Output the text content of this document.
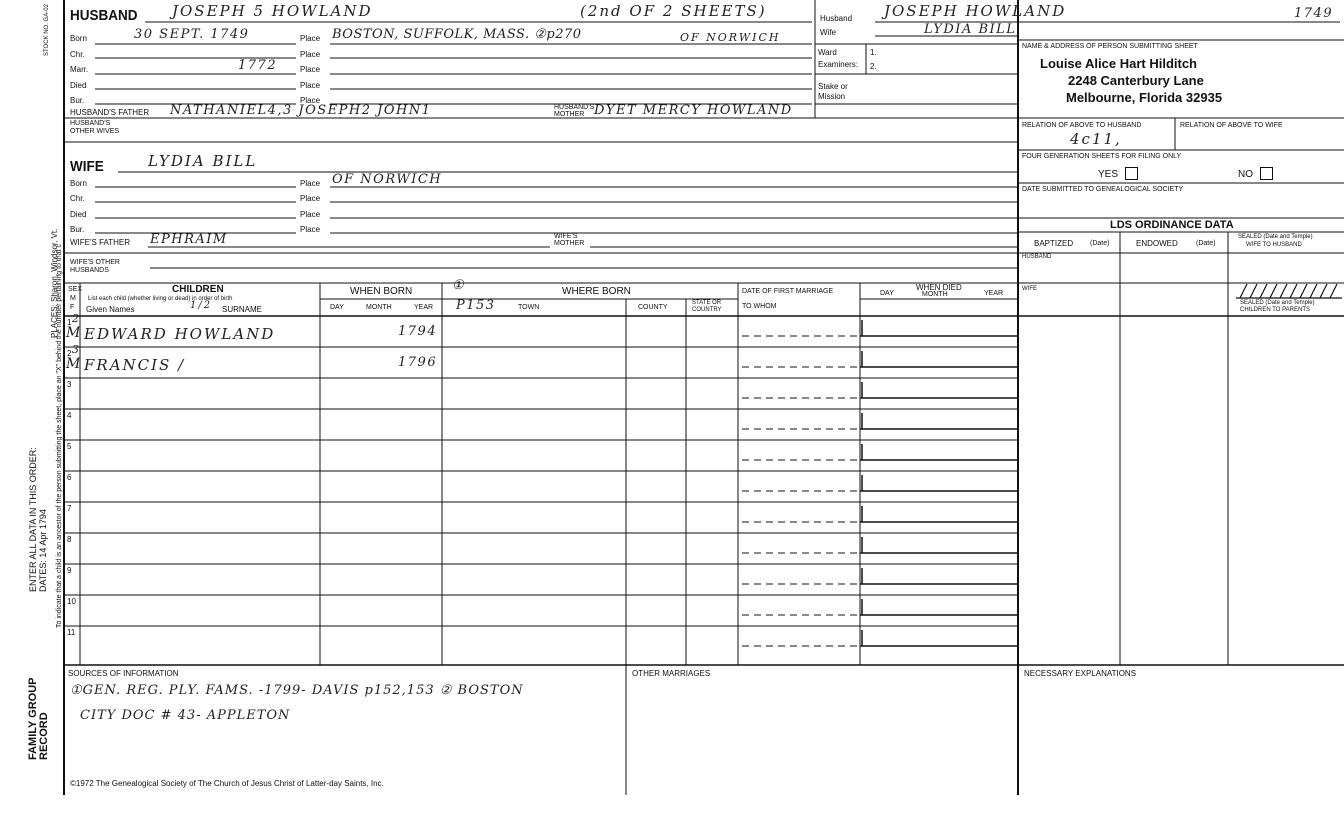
STOCK NO. GA-02
PLACES: Sharon, Windsor, Vt.
To indicate that a child is an ancestor of the person submitting the sheet, place an "X" behind the number pertaining to that c
ENTER ALL DATA IN THIS ORDER: DATES: 14 Apr 1794
FAMILY GROUP RECORD
HUSBAND JOSEPH 5 HOWLAND	(2nd OF 2 SHEETS)
Born	30 SEPT. 1749	Place BOSTON, SUFFOLK, MASS. ②p270	OF NORWICH
Chr.	Place
Marr.	1772	Place
Died	Place
Bur.	Place
HUSBAND'S FATHER NATHANIEL4,3 JOSEPH2 JOHN1	HUSBAND'S
MOTHER DYET MERCY HOWLAND
HUSBAND'S
OTHER WIVES
Husband JOSEPH HOWLAND	1749
Wife	LYDIA BILL
Ward
Examiners:
1.
2.
Stake or
Mission
NAME & ADDRESS OF PERSON SUBMITTING SHEET
Louise Alice Hart Hilditch
2248 Canterbury Lane
Melbourne, Florida 32935
RELATION OF ABOVE TO HUSBAND
4c11,
RELATION OF ABOVE TO WIFE
FOUR GENERATION SHEETS FOR FILING ONLY
YES	NO
DATE SUBMITTED TO GENEALOGICAL SOCIETY
LDS ORDINANCE DATA
BAPTIZED (Date)	ENDOWED	(Date)
SEALED (Date and Temple)
WIFE TO HUSBAND
HUSBAND
WIFE
SEALED (Date and Temple)
CHILDREN TO PARENTS
WIFE	LYDIA BILL
Born	Place OF NORWICH
Chr.	Place
Died	Place
Bur.	Place
WIFE'S FATHER EPHRAIM	WIFE'S
MOTHER
WIFE'S OTHER
HUSBANDS
SEX
M
F
CHILDREN
List each child (whether living or dead) in order of birth
Given Names	1/2 SURNAME
WHEN BORN
DAY	MONTH	YEAR
①	WHERE BORN
P153	TOWN	COUNTY
STATE OR
COUNTRY
DATE OF FIRST MARRIAGE
TO WHOM
DAY
WHEN DIED
MONTH	YEAR
1 2
M EDWARD HOWLAND	1794
2 3
M FRANCIS /	1796
3
4
5
6
7
8
9
10
11
SOURCES OF INFORMATION
①GEN. REG. PLY. FAMS. -1799- DAVIS p152,153 ② BOSTON
CITY DOC # 43- APPLETON
OTHER MARRIAGES	NECESSARY EXPLANATIONS
©1972 The Genealogical Society of The Church of Jesus Christ of Latter-day Saints, Inc.
